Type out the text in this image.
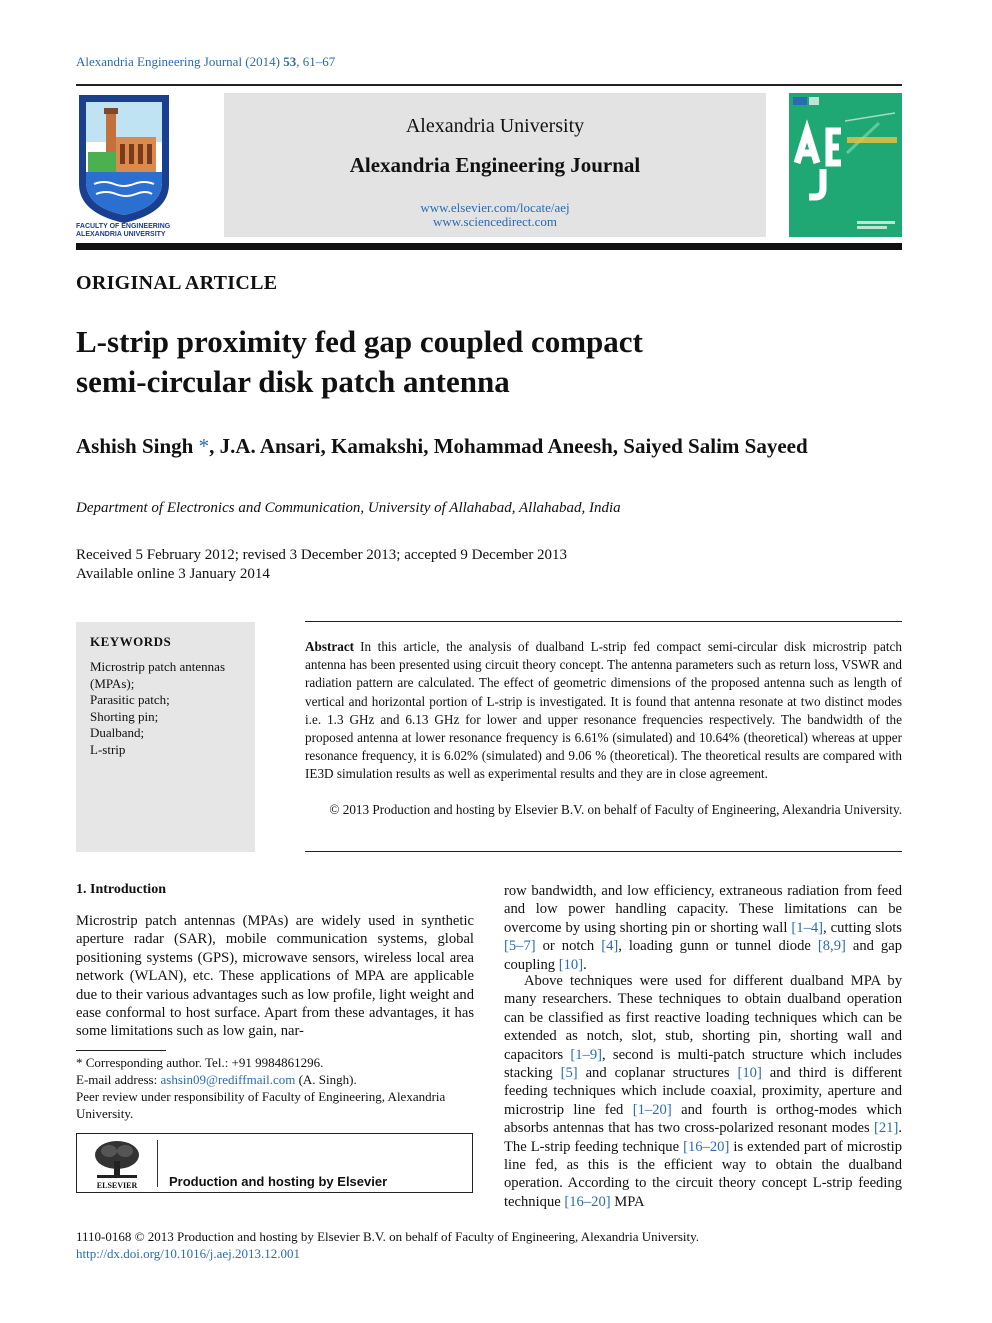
Alexandria Engineering Journal (2014) 53, 61–67
FACULTY OF ENGINEERING
ALEXANDRIA UNIVERSITY
Alexandria University
Alexandria Engineering Journal
www.elsevier.com/locate/aej
www.sciencedirect.com
ORIGINAL ARTICLE
L-strip proximity fed gap coupled compact
semi-circular disk patch antenna
Ashish Singh *, J.A. Ansari, Kamakshi, Mohammad Aneesh, Saiyed Salim Sayeed
Department of Electronics and Communication, University of Allahabad, Allahabad, India
Received 5 February 2012; revised 3 December 2013; accepted 9 December 2013
Available online 3 January 2014
KEYWORDS
Microstrip patch antennas (MPAs);
Parasitic patch;
Shorting pin;
Dualband;
L-strip
Abstract In this article, the analysis of dualband L-strip fed compact semi-circular disk microstrip patch antenna has been presented using circuit theory concept. The antenna parameters such as return loss, VSWR and radiation pattern are calculated. The effect of geometric dimensions of the proposed antenna such as length of vertical and horizontal portion of L-strip is investigated. It is found that antenna resonate at two distinct modes i.e. 1.3 GHz and 6.13 GHz for lower and upper resonance frequencies respectively. The bandwidth of the proposed antenna at lower resonance frequency is 6.61% (simulated) and 10.64% (theoretical) whereas at upper resonance frequency, it is 6.02% (simulated) and 9.06 % (theoretical). The theoretical results are compared with IE3D simulation results as well as experimental results and they are in close agreement.
© 2013 Production and hosting by Elsevier B.V. on behalf of Faculty of Engineering, Alexandria University.
1. Introduction
Microstrip patch antennas (MPAs) are widely used in synthetic aperture radar (SAR), mobile communication systems, global positioning systems (GPS), microwave sensors, wireless local area network (WLAN), etc. These applications of MPA are applicable due to their various advantages such as low profile, light weight and ease conformal to host surface. Apart from these advantages, it has some limitations such as low gain, nar-
row bandwidth, and low efficiency, extraneous radiation from feed and low power handling capacity. These limitations can be overcome by using shorting pin or shorting wall [1–4], cutting slots [5–7] or notch [4], loading gunn or tunnel diode [8,9] and gap coupling [10].
Above techniques were used for different dualband MPA by many researchers. These techniques to obtain dualband operation can be classified as first reactive loading techniques which can be extended as notch, slot, stub, shorting pin, shorting wall and capacitors [1–9], second is multi-patch structure which includes stacking [5] and coplanar structures [10] and third is different feeding techniques which include coaxial, proximity, aperture and microstrip line fed [1–20] and fourth is orthog-modes which absorbs antennas that has two cross-polarized resonant modes [21]. The L-strip feeding technique [16–20] is extended part of microstip line fed, as this is the efficient way to obtain the dualband operation. According to the circuit theory concept L-strip feeding technique [16–20] MPA

* Corresponding author. Tel.: +91 9984861296.

E-mail address: ashsin09@rediffmail.com (A. Singh).

Peer review under responsibility of Faculty of Engineering, Alexandria University.

ELSEVIER	Production and hosting by Elsevier
1110-0168 © 2013 Production and hosting by Elsevier B.V. on behalf of Faculty of Engineering, Alexandria University.
http://dx.doi.org/10.1016/j.aej.2013.12.001
